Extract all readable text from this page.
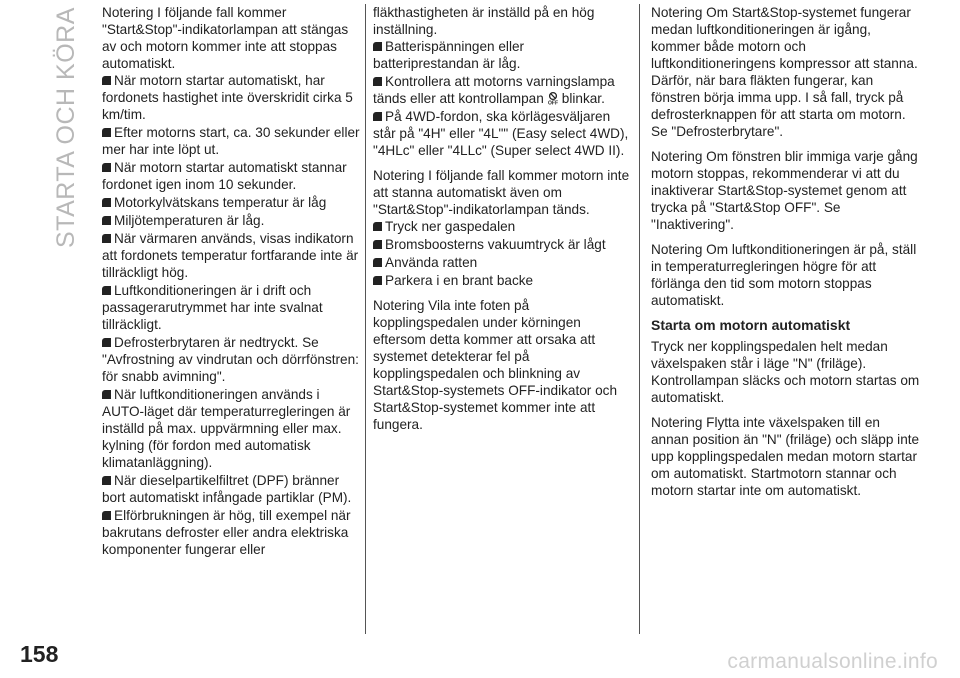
STARTA OCH KÖRA Notering I följande fall kommer "Start&Stop"-indikatorlampan att stängas av och motorn kommer inte att stoppas automatiskt.

När motorn startar automatiskt, har fordonets hastighet inte överskridit cirka 5 km/tim.
Efter motorns start, ca. 30 sekunder eller mer har inte löpt ut.
När motorn startar automatiskt stannar fordonet igen inom 10 sekunder.
Motorkylvätskans temperatur är låg
Miljötemperaturen är låg.
När värmaren används, visas indikatorn att fordonets temperatur fortfarande inte är tillräckligt hög.
Luftkonditioneringen är i drift och passagerarutrymmet har inte svalnat tillräckligt.
Defrosterbrytaren är nedtryckt. Se "Avfrostning av vindrutan och dörrfönstren: för snabb avimning".
När luftkonditioneringen används i AUTO-läget där temperaturregleringen är inställd på max. uppvärmning eller max. kylning (för fordon med automatisk klimatanläggning).
När dieselpartikelfiltret (DPF) bränner bort automatiskt infångade partiklar (PM).
Elförbrukningen är hög, till exempel när bakrutans defroster eller andra elektriska komponenter fungerar eller

fläkthastigheten är inställd på en hög inställning.

Batterispänningen eller batteriprestandan är låg.
Kontrollera att motorns varningslampa tänds eller att kontrollampan OFF blinkar.
På 4WD-fordon, ska körlägesväljaren står på "4H" eller "4L"" (Easy select 4WD), "4HLc" eller "4LLc" (Super select 4WD II).

Notering I följande fall kommer motorn inte att stanna automatiskt även om "Start&Stop"-indikatorlampan tänds.

Tryck ner gaspedalen
Bromsboosterns vakuumtryck är lågt
Använda ratten
Parkera i en brant backe

Notering Vila inte foten på kopplingspedalen under körningen eftersom detta kommer att orsaka att systemet detekterar fel på kopplingspedalen och blinkning av Start&Stop-systemets OFF-indikator och Start&Stop-systemet kommer inte att fungera.

Notering Om Start&Stop-systemet fungerar medan luftkonditioneringen är igång, kommer både motorn och luftkonditioneringens kompressor att stanna. Därför, när bara fläkten fungerar, kan fönstren börja imma upp. I så fall, tryck på defrosterknappen för att starta om motorn. Se "Defrosterbrytare".

Notering Om fönstren blir immiga varje gång motorn stoppas, rekommenderar vi att du inaktiverar Start&Stop-systemet genom att trycka på "Start&Stop OFF". Se "Inaktivering".

Notering Om luftkonditioneringen är på, ställ in temperaturregleringen högre för att förlänga den tid som motorn stoppas automatiskt.

Starta om motorn automatiskt

Tryck ner kopplingspedalen helt medan växelspaken står i läge "N" (friläge). Kontrollampan släcks och motorn startas om automatiskt.

Notering Flytta inte växelspaken till en annan position än "N" (friläge) och släpp inte upp kopplingspedalen medan motorn startar om automatiskt. Startmotorn stannar och motorn startar inte om automatiskt.

158	carmanualsonline.info
